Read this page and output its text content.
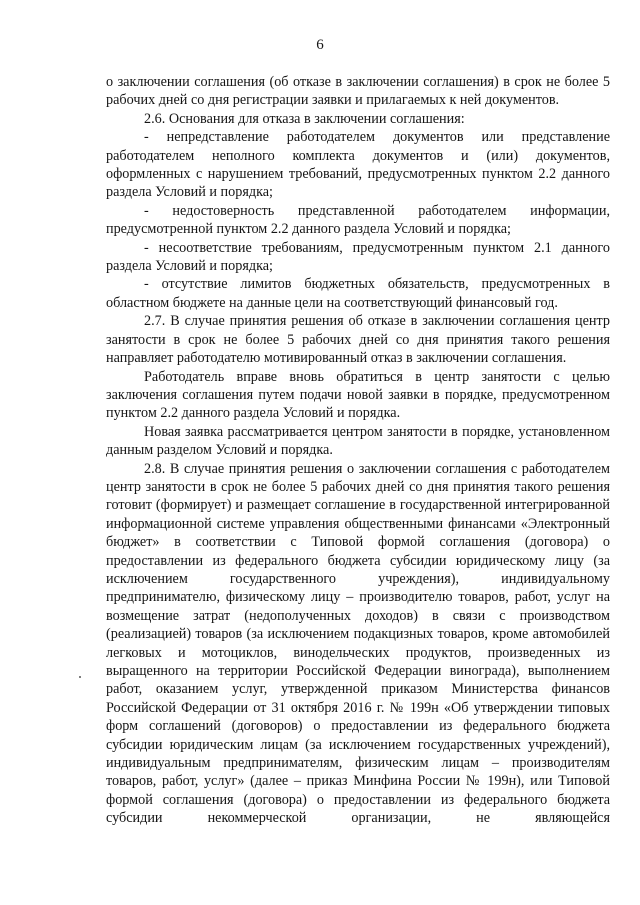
6

о заключении соглашения (об отказе в заключении соглашения) в срок не более 5 рабочих дней со дня регистрации заявки и прилагаемых к ней документов.

2.6. Основания для отказа в заключении соглашения:

- непредставление работодателем документов или представление работодателем неполного комплекта документов и (или) документов, оформленных с нарушением требований, предусмотренных пунктом 2.2 данного раздела Условий и порядка;

- недостоверность представленной работодателем информации, предусмотренной пунктом 2.2 данного раздела Условий и порядка;

- несоответствие требованиям, предусмотренным пунктом 2.1 данного раздела Условий и порядка;

- отсутствие лимитов бюджетных обязательств, предусмотренных в областном бюджете на данные цели на соответствующий финансовый год.

2.7. В случае принятия решения об отказе в заключении соглашения центр занятости в срок не более 5 рабочих дней со дня принятия такого решения направляет работодателю мотивированный отказ в заключении соглашения.

Работодатель вправе вновь обратиться в центр занятости с целью заключения соглашения путем подачи новой заявки в порядке, предусмотренном пунктом 2.2 данного раздела Условий и порядка.

Новая заявка рассматривается центром занятости в порядке, установленном данным разделом Условий и порядка.

2.8. В случае принятия решения о заключении соглашения с работодателем центр занятости в срок не более 5 рабочих дней со дня принятия такого решения готовит (формирует) и размещает соглашение в государственной интегрированной информационной системе управления общественными финансами «Электронный бюджет» в соответствии с Типовой формой соглашения (договора) о предоставлении из федерального бюджета субсидии юридическому лицу (за исключением государственного учреждения), индивидуальному предпринимателю, физическому лицу – производителю товаров, работ, услуг на возмещение затрат (недополученных доходов) в связи с производством (реализацией) товаров (за исключением подакцизных товаров, кроме автомобилей легковых и мотоциклов, винодельческих продуктов, произведенных из выращенного на территории Российской Федерации винограда), выполнением работ, оказанием услуг, утвержденной приказом Министерства финансов Российской Федерации от 31 октября 2016 г. № 199н «Об утверждении типовых форм соглашений (договоров) о предоставлении из федерального бюджета субсидии юридическим лицам (за исключением государственных учреждений), индивидуальным предпринимателям, физическим лицам – производителям товаров, работ, услуг» (далее – приказ Минфина России № 199н), или Типовой формой соглашения (договора) о предоставлении из федерального бюджета субсидии некоммерческой организации, не являющейся
